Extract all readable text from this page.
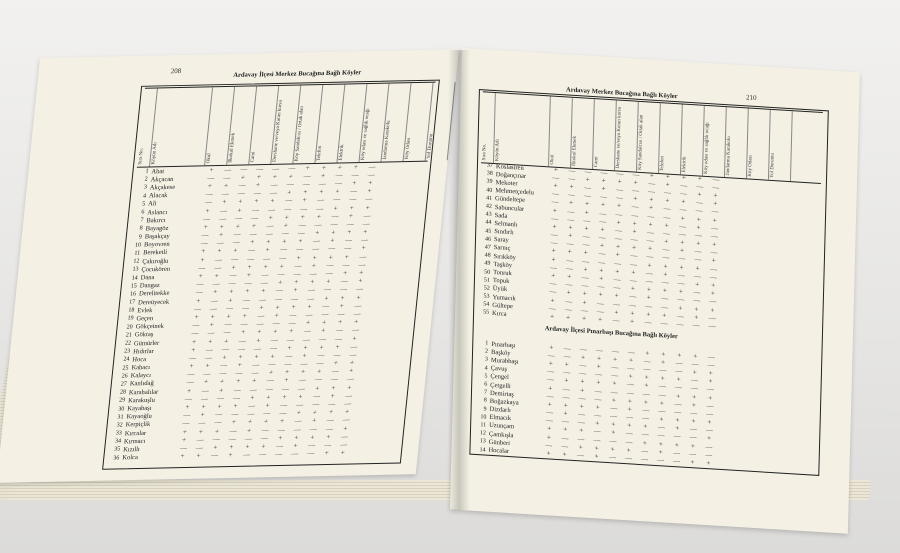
208	Ardavay İlçesi Merkez Bucağına Bağlı Köyler
Sıra No.	Köyün Adı	Okul	İlkokul Ekmek	Cami	Dershane ve/veya Kuran kursu	Köy Sandalcısı / Ortak alan	Telefon	Elektrik	Köy odası ve sağlık ocağı	Jandarma Karakolu	Köy Odası	Yol Durumu
1 Abat	+	—	—	—	—	—	+	+	+	+	—
2 Akçacan	—	—	+	+	+	+	—	+	—	—	—
3 Akçakese	+	+	—	+	—	—	—	—	—	+	+
4 Alacak	—	—	—	—	—	+	+	+	+	—	+
5 Ali	—	+	+	+	+	—	+	—	—	—	—
6 Aslancı	+	—	+	—	—	—	—	—	+	+	+
7 Bakırcı	—	—	—	—	+	+	+	+	—	+	—
8 Bayagöz	+	+	+	+	—	+	—	—	—	—	—
9 Başakçay	—	+	—	—	—	—	—	+	+	+	+
10 Boyovren	—	—	—	+	+	+	+	—	+	—	—
11 Bereketli	+	+	+	—	+	—	—	—	—	—	+
12 Çakıroğlu	+	—	—	—	—	—	+	+	+	+	—
13 Çocukören	—	—	+	+	+	+	—	+	—	—	—
14 Dana	+	+	—	+	—	—	—	—	—	+	+
15 Dangaz	—	—	—	—	—	+	+	+	+	—	+
16 Derelitekke	—	+	+	+	+	—	+	—	—	—	—
17 Dereüyecek	+	—	+	—	—	—	—	—	+	+	+
18 Evlek	—	—	—	—	+	+	+	+	—	+	—
19 Geçen	+	+	+	+	—	+	—	—	—	—	—
20 Gökçeinek	—	+	—	—	—	—	—	+	+	+	+
21 Göktaş	—	—	—	+	+	+	+	—	+	—	—
22 Gümürler	+	+	+	—	+	—	—	—	—	—	+
23 Hıdırlar	+	—	—	—	—	—	+	+	+	+	—
24 Hoca	—	—	+	+	+	+	—	+	—	—	—
25 Kabacı	+	+	—	+	—	—	—	—	—	+	+
26 Kalaycı	—	—	—	—	—	+	+	+	+	—	+
27 Kanlıdağ	—	+	+	+	+	—	+	—	—	—	—
28 Karahalılar	+	—	+	—	—	—	—	—	+	+	+
29 Karakuşlu	—	—	—	—	+	+	+	+	—	+	—
30 Kayabaşı	+	+	+	+	—	+	—	—	—	—	—
31 Kayaoğlu	—	+	—	—	—	—	—	+	+	+	+
32 Kerpiçlik	—	—	—	+	+	+	+	—	+	—	—
33 Kırcalar	+	+	+	—	+	—	—	—	—	—	+
34 Kırmacı	+	—	—	—	—	—	+	+	+	+	—
35 Kızıllı	—	—	+	+	+	+	—	+	—	—	—
36 Kolca	+	+	—	+	—	—	—	—	—	+	+
210
Ardavay Merkez Bucağına Bağlı Köyler
Sıra No.	Köyün Adı	Okul	İlkokul Ekmek	Cami	Dershane ve/veya Kuran kursu	Köy Sandalcısı / Ortak alan	Telefon	Elektrik	Köy odası ve sağlık ocağı	Jandarma Karakolu	Köy Odası	Yol Durumu
37 Koslasiren	+	—	—	—	—	—	+	+	+	+	—
38 Doğançınar	—	—	+	+	+	+	—	+	—	—	—
39 Mekoter	+	+	—	+	—	—	—	—	—	+	+
40 Mehmetçedelu	—	—	—	—	—	+	+	+	+	—	+
41 Gündeltepe	—	+	+	+	+	—	+	—	—	—	—
42 Sabuncular	+	—	+	—	—	—	—	—	+	+	+
43 Sada	—	—	—	—	+	+	+	+	—	+	—
44 Selmanlı	+	+	+	+	—	+	—	—	—	—	—
45 Sındırlı	—	+	—	—	—	—	—	+	+	+	+
46 Saray	—	—	—	+	+	+	+	—	+	—	—
47 Sarnıç	+	+	+	—	+	—	—	—	—	—	+
48 Sırıkköy	+	—	—	—	—	—	+	+	+	+	—
49 Taşköy	—	—	+	+	+	+	—	+	—	—	—
50 Tonruk	+	+	—	+	—	—	—	—	—	+	+
51 Topuk	—	—	—	—	—	+	+	+	+	—	+
52 Üyük	—	+	+	+	+	—	+	—	—	—	—
53 Yumacık	+	—	+	—	—	—	—	—	+	+	+
54 Gültepe	—	—	—	—	+	+	+	+	—	+	—
55 Kırca	+	+	+	+	—	+	—	—	—	—	—
Ardavay İlçesi Pınarbaşı Bucağına Bağlı Köyler
1 Pınarbaşı	+	—	—	—	—	—	+	+	+	+	—
2 Başköy	—	—	+	+	+	+	—	+	—	—	—
3 Murabbaşı	+	+	—	+	—	—	—	—	—	+	+
4 Çavuş	—	—	—	—	—	+	+	+	+	—	+
5 Çengel	—	+	+	+	+	—	+	—	—	—	—
6 Çetgelli	+	—	+	—	—	—	—	—	+	+	+
7 Demirtaş	—	—	—	—	+	+	+	+	—	+	—
8 Boğazkaya	+	+	+	+	—	+	—	—	—	—	—
9 Dizdarlı	—	+	—	—	—	—	—	+	+	+	+
10 Elmacık	—	—	—	+	+	+	+	—	+	—	—
11 Uzunçam	+	+	+	—	+	—	—	—	—	—	+
12 Çamkışla	+	—	—	—	—	—	+	+	+	+	—
13 Günberi	—	—	+	+	+	+	—	+	—	—	—
14 Hocalar	+	+	—	+	—	—	—	—	—	+	+
